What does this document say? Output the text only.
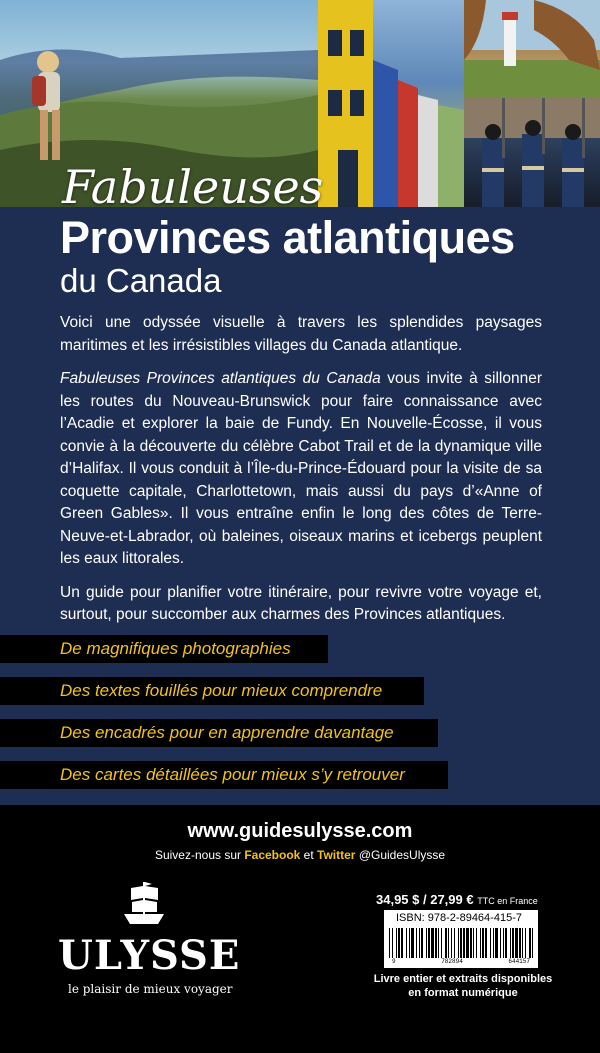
Fabuleuses
Provinces atlantiques
du Canada

Voici une odyssée visuelle à travers les splendides paysages maritimes et les irrésistibles villages du Canada atlantique.

Fabuleuses Provinces atlantiques du Canada vous invite à sillonner les routes du Nouveau-Brunswick pour faire connaissance avec l’Acadie et explorer la baie de Fundy. En Nouvelle-Écosse, il vous convie à la découverte du célèbre Cabot Trail et de la dynamique ville d’Halifax. Il vous conduit à l’Île-du-Prince-Édouard pour la visite de sa coquette capitale, Charlottetown, mais aussi du pays d’«Anne of Green Gables». Il vous entraîne enfin le long des côtes de Terre-Neuve-et-Labrador, où baleines, oiseaux marins et icebergs peuplent les eaux littorales.

Un guide pour planifier votre itinéraire, pour revivre votre voyage et, surtout, pour succomber aux charmes des Provinces atlantiques.

De magnifiques photographies
Des textes fouillés pour mieux comprendre
Des encadrés pour en apprendre davantage
Des cartes détaillées pour mieux s’y retrouver
www.guidesulysse.com
Suivez-nous sur Facebook et Twitter @GuidesUlysse
ULYSSE
le plaisir de mieux voyager
34,95 $ / 27,99 € TTC en France
ISBN: 978-2-89464-415-7
9	782894	644157
Livre entier et extraits disponibles en format numérique
